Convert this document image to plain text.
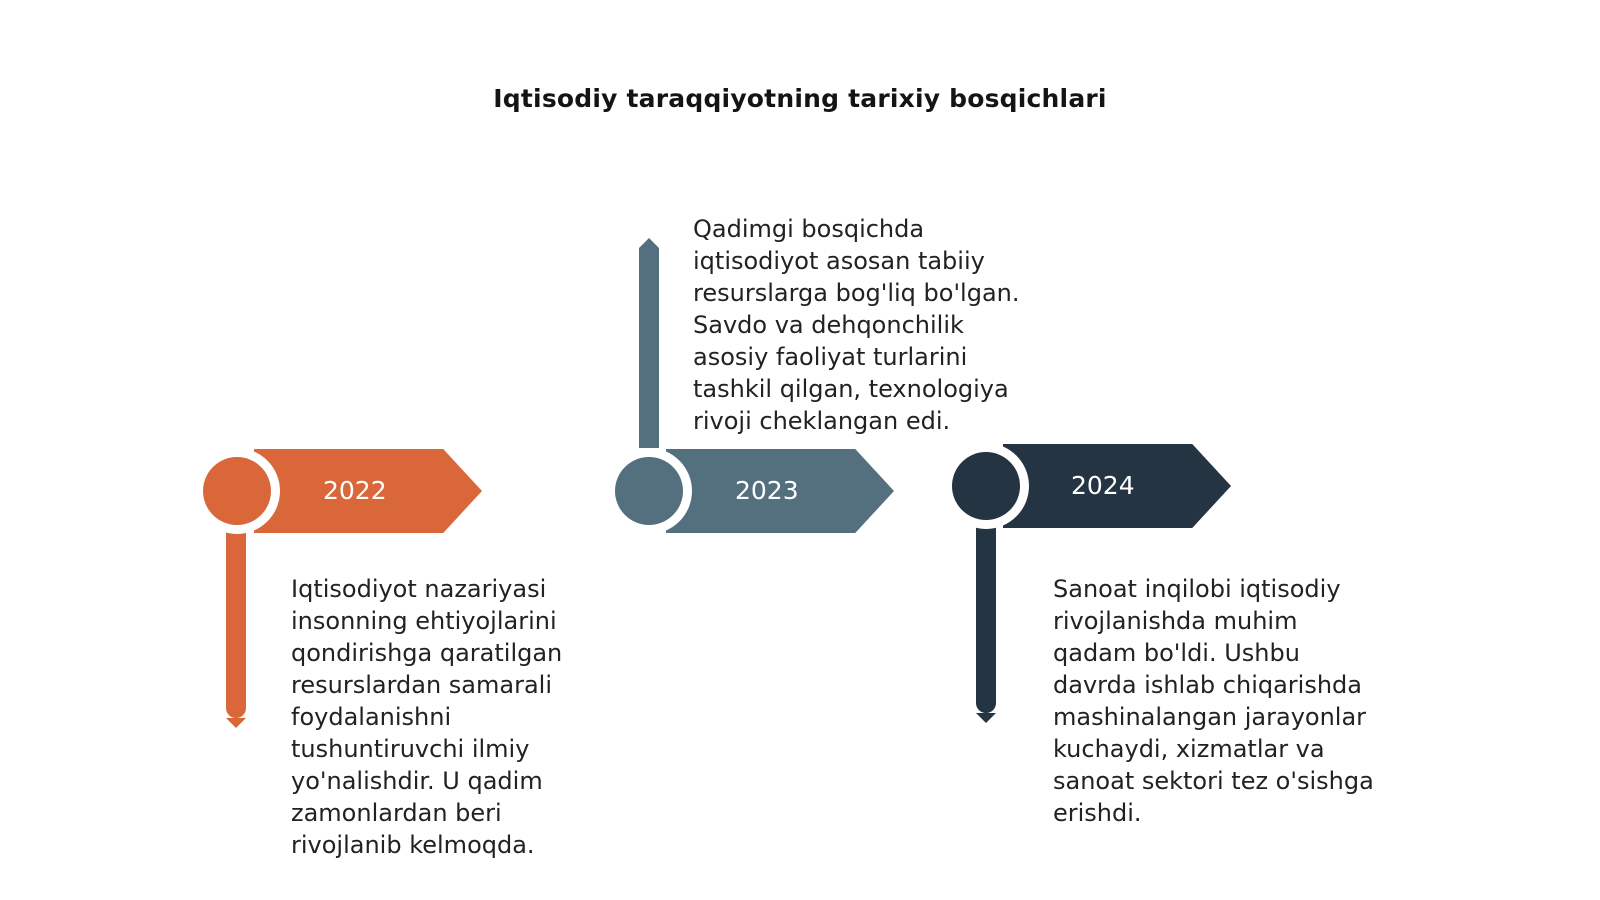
Iqtisodiy taraqqiyotning tarixiy bosqichlari
2022
Iqtisodiyot nazariyasi
insonning ehtiyojlarini
qondirishga qaratilgan
resurslardan samarali
foydalanishni
tushuntiruvchi ilmiy
yo'nalishdir. U qadim
zamonlardan beri
rivojlanib kelmoqda.
2023
Qadimgi bosqichda
iqtisodiyot asosan tabiiy
resurslarga bog'liq bo'lgan.
Savdo va dehqonchilik
asosiy faoliyat turlarini
tashkil qilgan, texnologiya
rivoji cheklangan edi.
2024
Sanoat inqilobi iqtisodiy
rivojlanishda muhim
qadam bo'ldi. Ushbu
davrda ishlab chiqarishda
mashinalangan jarayonlar
kuchaydi, xizmatlar va
sanoat sektori tez o'sishga
erishdi.
